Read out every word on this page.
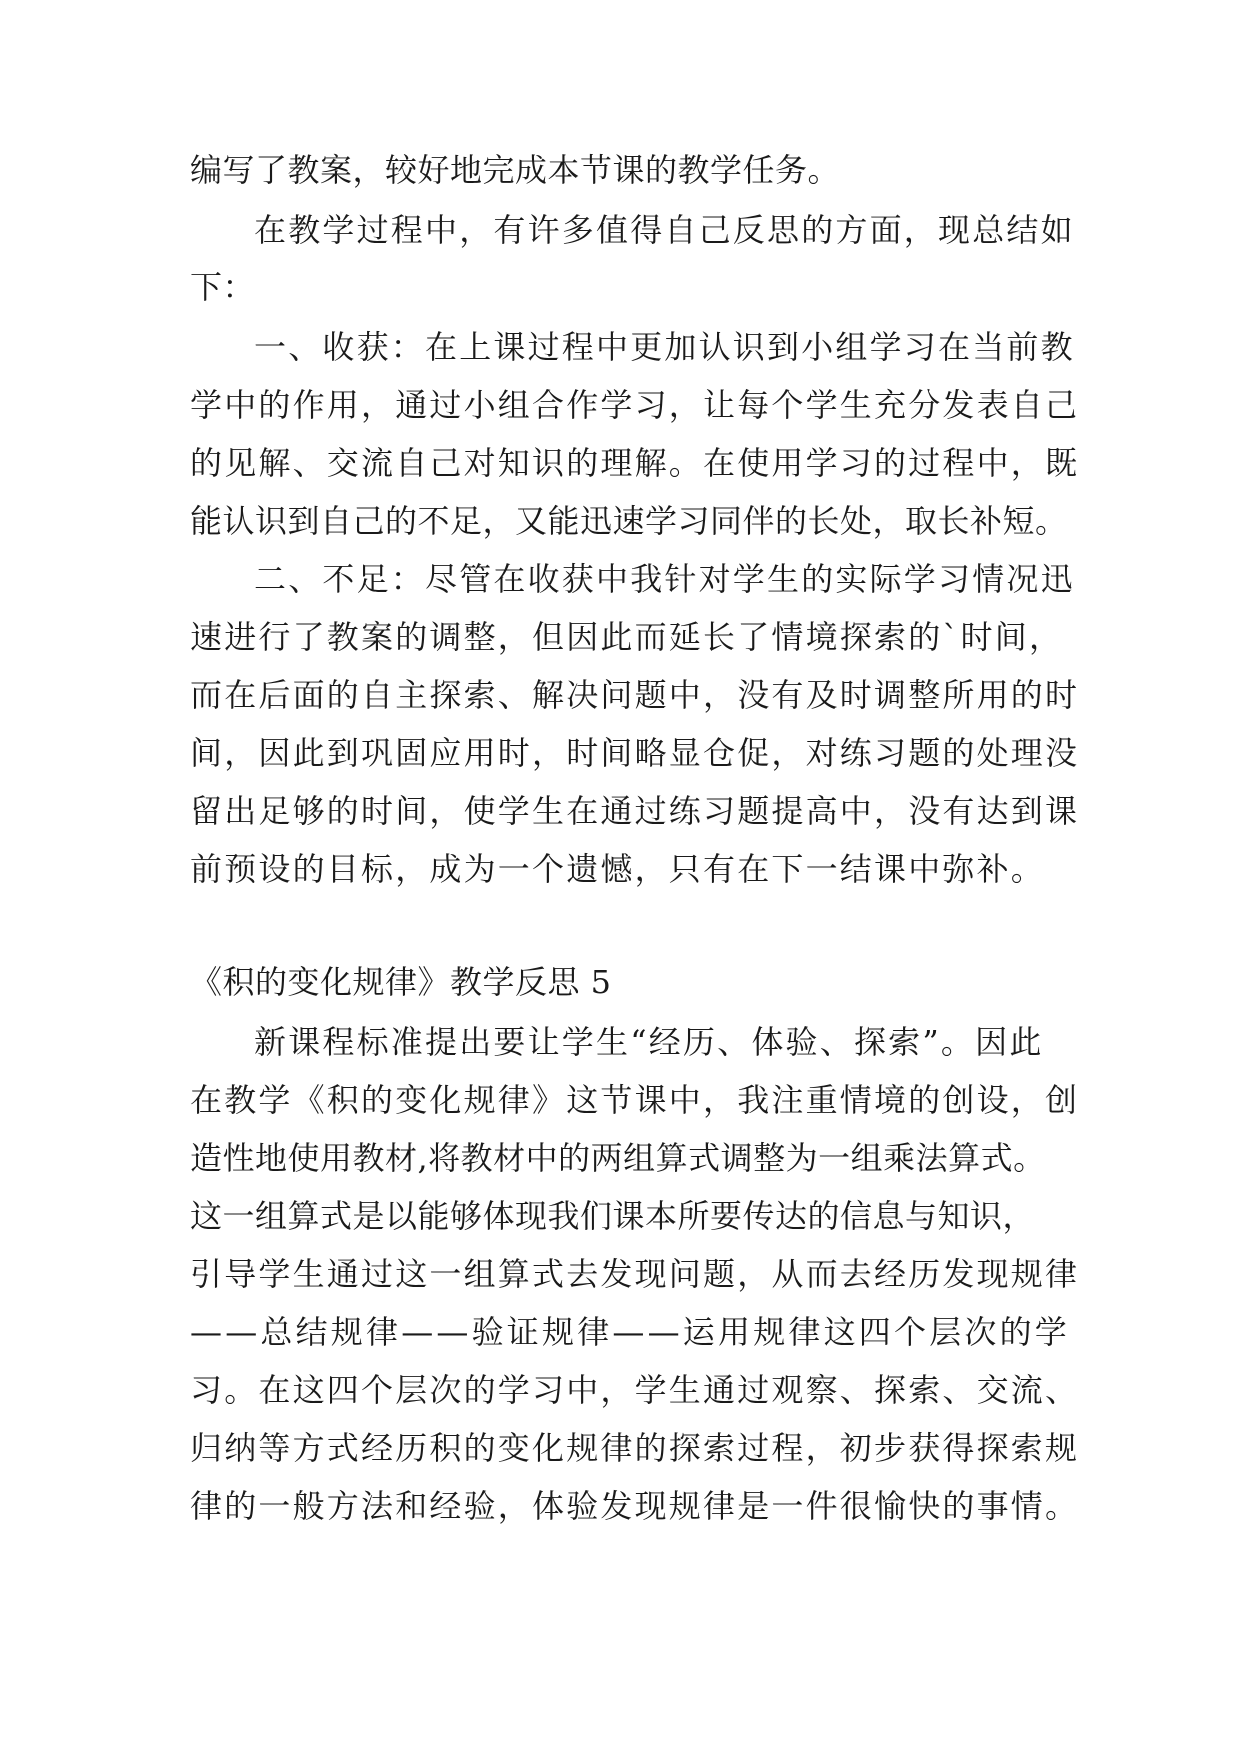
编写了教案，较好地完成本节课的教学任务。
在教学过程中，有许多值得自己反思的方面，现总结如
下：
一、收获：在上课过程中更加认识到小组学习在当前教
学中的作用，通过小组合作学习，让每个学生充分发表自己
的见解、交流自己对知识的理解。在使用学习的过程中，既
能认识到自己的不足，又能迅速学习同伴的长处，取长补短。
二、不足：尽管在收获中我针对学生的实际学习情况迅
速进行了教案的调整，但因此而延长了情境探索的`时间，
而在后面的自主探索、解决问题中，没有及时调整所用的时
间，因此到巩固应用时，时间略显仓促，对练习题的处理没
留出足够的时间，使学生在通过练习题提高中，没有达到课
前预设的目标，成为一个遗憾，只有在下一结课中弥补。
《积的变化规律》教学反思 5
新课程标准提出要让学生“经历、体验、探索”。因此
在教学《积的变化规律》这节课中，我注重情境的创设，创
造性地使用教材,将教材中的两组算式调整为一组乘法算式。
这一组算式是以能够体现我们课本所要传达的信息与知识，
引导学生通过这一组算式去发现问题，从而去经历发现规律
——总结规律——验证规律——运用规律这四个层次的学
习。在这四个层次的学习中，学生通过观察、探索、交流、
归纳等方式经历积的变化规律的探索过程，初步获得探索规
律的一般方法和经验，体验发现规律是一件很愉快的事情。
